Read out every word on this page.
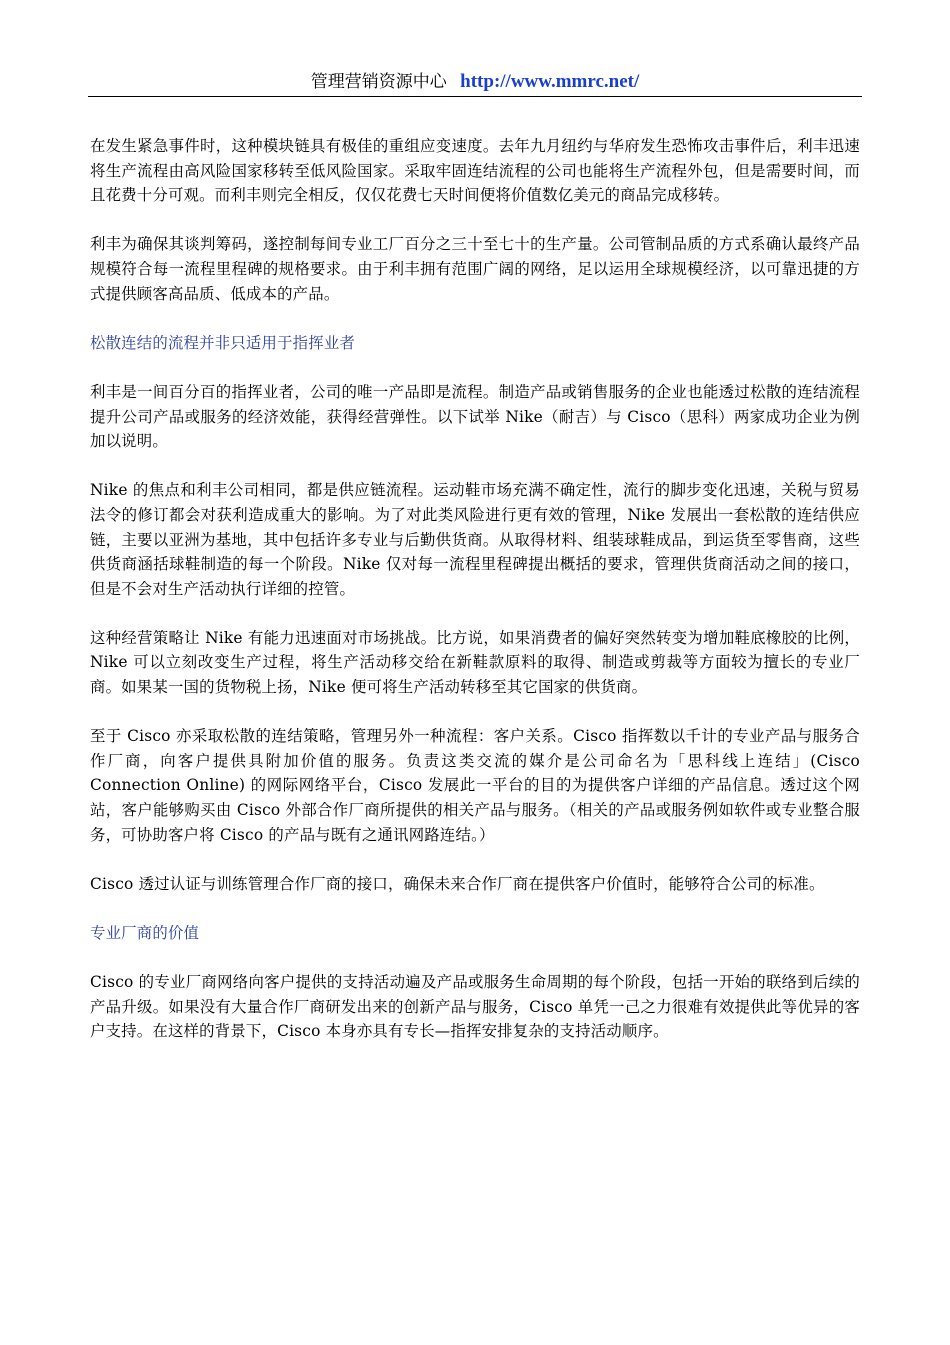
管理营销资源中心 http://www.mmrc.net/

在发生紧急事件时，这种模块链具有极佳的重组应变速度。去年九月纽约与华府发生恐怖攻击事件后，利丰迅速将生产流程由高风险国家移转至低风险国家。采取牢固连结流程的公司也能将生产流程外包，但是需要时间，而且花费十分可观。而利丰则完全相反，仅仅花费七天时间便将价值数亿美元的商品完成移转。

利丰为确保其谈判筹码，遂控制每间专业工厂百分之三十至七十的生产量。公司管制品质的方式系确认最终产品规模符合每一流程里程碑的规格要求。由于利丰拥有范围广阔的网络，足以运用全球规模经济，以可靠迅捷的方式提供顾客高品质、低成本的产品。

松散连结的流程并非只适用于指挥业者

利丰是一间百分百的指挥业者，公司的唯一产品即是流程。制造产品或销售服务的企业也能透过松散的连结流程提升公司产品或服务的经济效能，获得经营弹性。以下试举 Nike（耐吉）与 Cisco（思科）两家成功企业为例加以说明。

Nike 的焦点和利丰公司相同，都是供应链流程。运动鞋市场充满不确定性，流行的脚步变化迅速，关税与贸易法令的修订都会对获利造成重大的影响。为了对此类风险进行更有效的管理，Nike 发展出一套松散的连结供应链，主要以亚洲为基地，其中包括许多专业与后勤供货商。从取得材料、组装球鞋成品，到运货至零售商，这些供货商涵括球鞋制造的每一个阶段。Nike 仅对每一流程里程碑提出概括的要求，管理供货商活动之间的接口，但是不会对生产活动执行详细的控管。

这种经营策略让 Nike 有能力迅速面对市场挑战。比方说，如果消费者的偏好突然转变为增加鞋底橡胶的比例，Nike 可以立刻改变生产过程，将生产活动移交给在新鞋款原料的取得、制造或剪裁等方面较为擅长的专业厂商。如果某一国的货物税上扬，Nike 便可将生产活动转移至其它国家的供货商。

至于 Cisco 亦采取松散的连结策略，管理另外一种流程：客户关系。Cisco 指挥数以千计的专业产品与服务合作厂商，向客户提供具附加价值的服务。负责这类交流的媒介是公司命名为「思科线上连结」(Cisco Connection Online) 的网际网络平台，Cisco 发展此一平台的目的为提供客户详细的产品信息。透过这个网站，客户能够购买由 Cisco 外部合作厂商所提供的相关产品与服务。（相关的产品或服务例如软件或专业整合服务，可协助客户将 Cisco 的产品与既有之通讯网路连结。）

Cisco 透过认证与训练管理合作厂商的接口，确保未来合作厂商在提供客户价值时，能够符合公司的标准。

专业厂商的价值

Cisco 的专业厂商网络向客户提供的支持活动遍及产品或服务生命周期的每个阶段，包括一开始的联络到后续的产品升级。如果没有大量合作厂商研发出来的创新产品与服务，Cisco 单凭一己之力很难有效提供此等优异的客户支持。在这样的背景下，Cisco 本身亦具有专长—指挥安排复杂的支持活动顺序。
